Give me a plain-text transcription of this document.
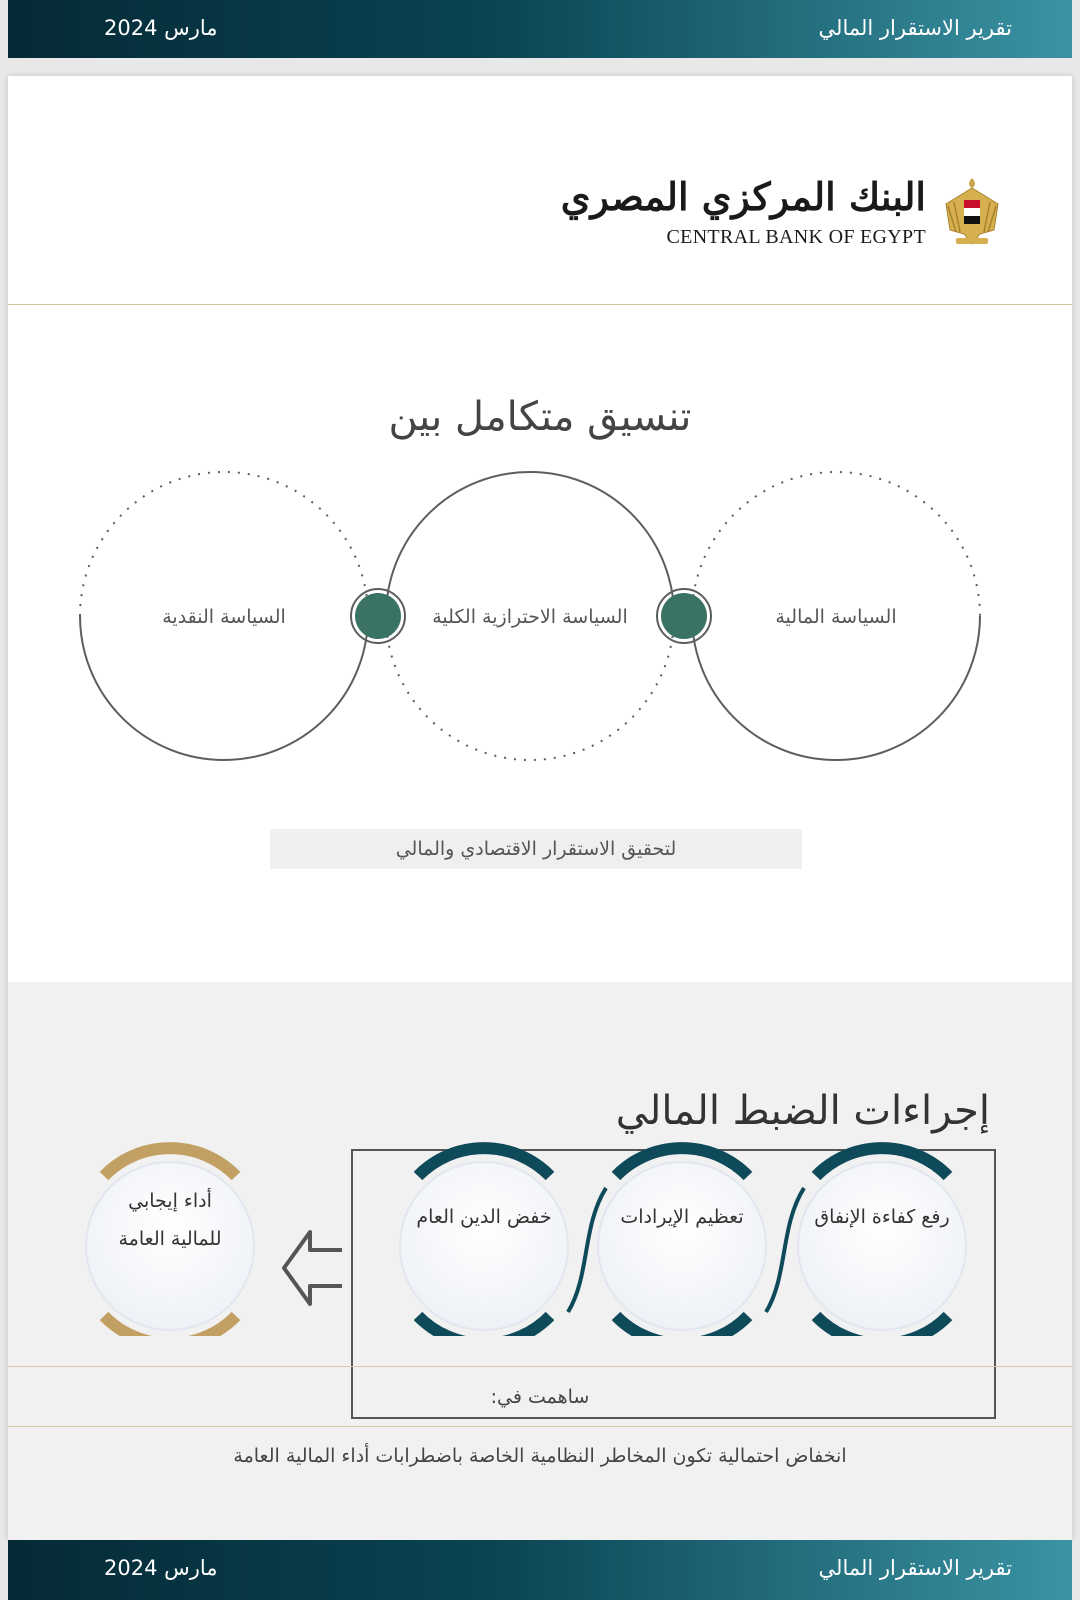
تقرير الاستقرار المالي
مارس 2024
البنك المركزي المصري
CENTRAL BANK OF EGYPT
تنسيق متكامل بين
السياسة المالية
السياسة الاحترازية الكلية
السياسة النقدية
لتحقيق الاستقرار الاقتصادي والمالي
إجراءات الضبط المالي
رفع كفاءة الإنفاق
تعظيم الإيرادات
خفض الدين العام
أداء إيجابي
للمالية العامة
ساهمت في:
انخفاض احتمالية تكون المخاطر النظامية الخاصة باضطرابات أداء المالية العامة
تقرير الاستقرار المالي
مارس 2024
